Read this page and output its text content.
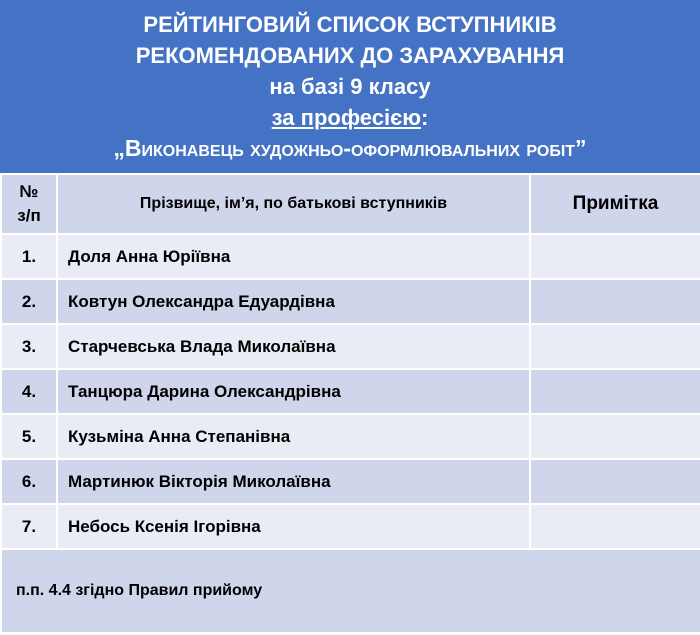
РЕЙТИНГОВИЙ СПИСОК ВСТУПНИКІВ
РЕКОМЕНДОВАНИХ ДО ЗАРАХУВАННЯ
на базі 9 класу
за професією:
„Виконавець художньо-оформлювальних робіт”
№
з/п	Прізвище, ім’я, по батькові вступників	Примітка
1.	Доля Анна Юріївна	
2.	Ковтун Олександра Едуардівна	
3.	Старчевська Влада Миколаївна	
4.	Танцюра Дарина Олександрівна	
5.	Кузьміна Анна Степанівна	
6.	Мартинюк Вікторія Миколаївна	
7.	Небось Ксенія Ігорівна	
п.п. 4.4 згідно Правил прийому		
